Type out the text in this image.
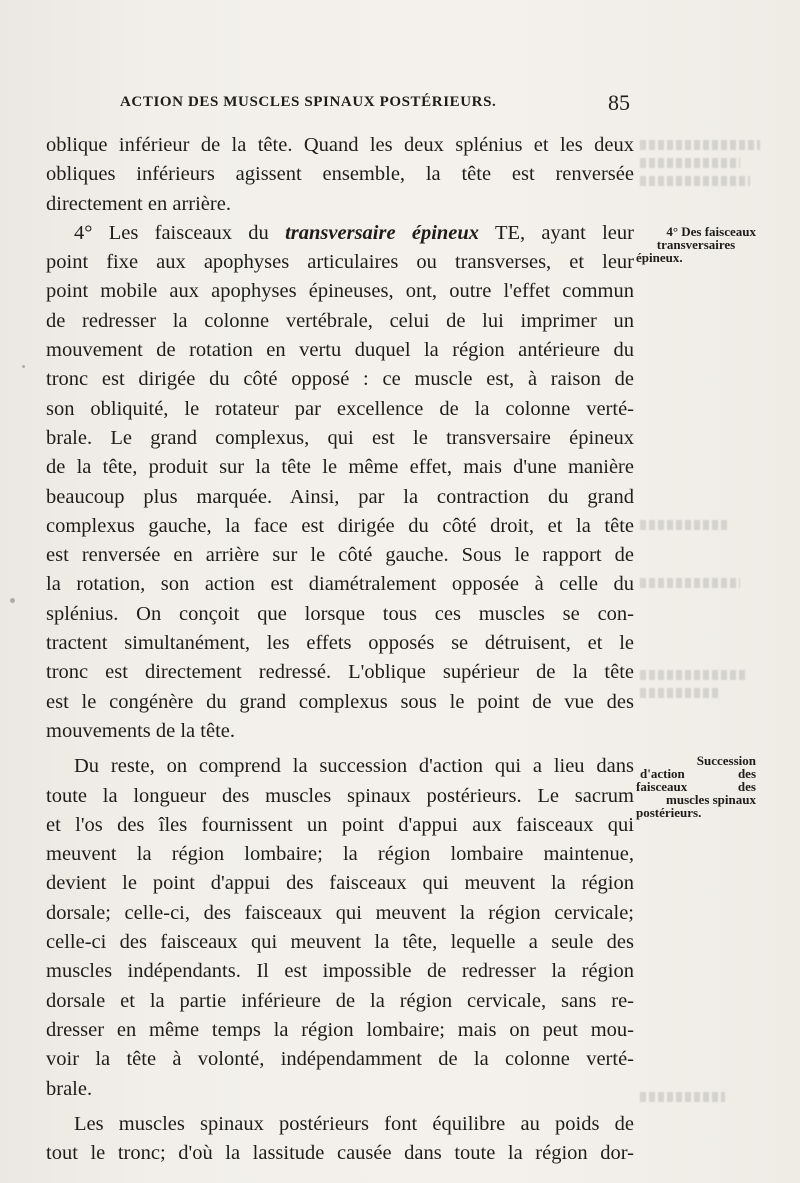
ACTION DES MUSCLES SPINAUX POSTÉRIEURS.	85
oblique inférieur de la tête. Quand les deux splénius et les deux
obliques inférieurs agissent ensemble, la tête est renversée
directement en arrière.
4° Les faisceaux du transversaire épineux TE, ayant leur
point fixe aux apophyses articulaires ou transverses, et leur
point mobile aux apophyses épineuses, ont, outre l'effet commun
de redresser la colonne vertébrale, celui de lui imprimer un
mouvement de rotation en vertu duquel la région antérieure du
tronc est dirigée du côté opposé : ce muscle est, à raison de
son obliquité, le rotateur par excellence de la colonne verté-
brale. Le grand complexus, qui est le transversaire épineux
de la tête, produit sur la tête le même effet, mais d'une manière
beaucoup plus marquée. Ainsi, par la contraction du grand
complexus gauche, la face est dirigée du côté droit, et la tête
est renversée en arrière sur le côté gauche. Sous le rapport de
la rotation, son action est diamétralement opposée à celle du
splénius. On conçoit que lorsque tous ces muscles se con-
tractent simultanément, les effets opposés se détruisent, et le
tronc est directement redressé. L'oblique supérieur de la tête
est le congénère du grand complexus sous le point de vue des
mouvements de la tête.
Du reste, on comprend la succession d'action qui a lieu dans
toute la longueur des muscles spinaux postérieurs. Le sacrum
et l'os des îles fournissent un point d'appui aux faisceaux qui
meuvent la région lombaire; la région lombaire maintenue,
devient le point d'appui des faisceaux qui meuvent la région
dorsale; celle-ci, des faisceaux qui meuvent la région cervicale;
celle-ci des faisceaux qui meuvent la tête, lequelle a seule des
muscles indépendants. Il est impossible de redresser la région
dorsale et la partie inférieure de la région cervicale, sans re-
dresser en même temps la région lombaire; mais on peut mou-
voir la tête à volonté, indépendamment de la colonne verté-
brale.
Les muscles spinaux postérieurs font équilibre au poids de
tout le tronc; d'où la lassitude causée dans toute la région dor-
4° Des faisceaux
transversaires
épineux.
Succession
d'action des
faisceaux des
muscles spinaux
postérieurs.
